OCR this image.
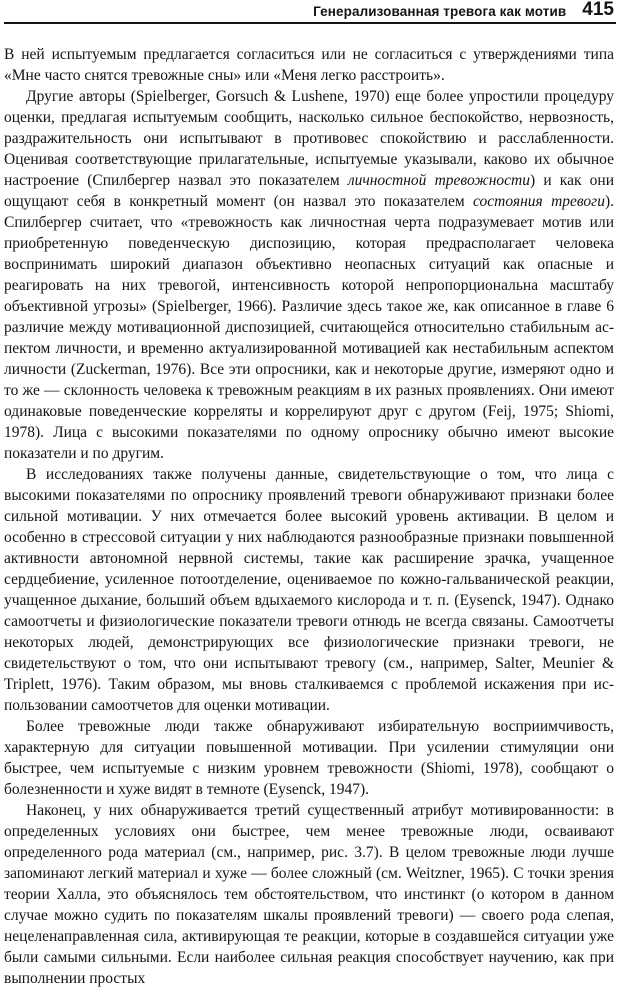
Генерализованная тревога как мотив 415

В ней испытуемым предлагается согласиться или не согласиться с утверждениями типа «Мне часто снятся тревожные сны» или «Меня легко расстроить».

Другие авторы (Spielberger, Gorsuch & Lushene, 1970) еще более упростили процедуру оценки, предлагая испытуемым сообщить, насколько сильное беспокойство, нервозность, раздражительность они испытывают в противовес спокойствию и расслабленности. Оценивая соответствующие прилагательные, испытуемые указывали, каково их обычное настроение (Спилбергер назвал это показателем личностной тревожности) и как они ощущают себя в конкретный момент (он назвал это показателем состояния тревоги). Спилбергер считает, что «тревожность как личностная черта подразумевает мотив или приобретенную поведенческую диспозицию, которая предрасполагает человека воспринимать широкий диапазон объективно неопасных ситуаций как опасные и реагировать на них тревогой, интенсивность которой непропорциональна масштабу объективной угрозы» (Spielberger, 1966). Различие здесь такое же, как описанное в главе 6 различие между мотивационной диспозицией, считающейся относительно стабильным аспектом личности, и временно актуализированной мотивацией как нестабильным аспектом личности (Zuckerman, 1976). Все эти опросники, как и некоторые другие, измеряют одно и то же — склонность человека к тревожным реакциям в их разных проявлениях. Они имеют одинаковые поведенческие корреляты и коррелируют друг с другом (Feij, 1975; Shiomi, 1978). Лица с высокими показателями по одному опроснику обычно имеют высокие показатели и по другим.

В исследованиях также получены данные, свидетельствующие о том, что лица с высокими показателями по опроснику проявлений тревоги обнаруживают признаки более сильной мотивации. У них отмечается более высокий уровень активации. В целом и особенно в стрессовой ситуации у них наблюдаются разнообразные признаки повышенной активности автономной нервной системы, такие как расширение зрачка, учащенное сердцебиение, усиленное потоотделение, оцениваемое по кожно-гальванической реакции, учащенное дыхание, больший объем вдыхаемого кислорода и т. п. (Eysenck, 1947). Однако самоотчеты и физиологические показатели тревоги отнюдь не всегда связаны. Самоотчеты некоторых людей, демонстрирующих все физиологические признаки тревоги, не свидетельствуют о том, что они испытывают тревогу (см., например, Salter, Meunier & Triplett, 1976). Таким образом, мы вновь сталкиваемся с проблемой искажения при использовании самоотчетов для оценки мотивации.

Более тревожные люди также обнаруживают избирательную восприимчивость, характерную для ситуации повышенной мотивации. При усилении стимуляции они быстрее, чем испытуемые с низким уровнем тревожности (Shiomi, 1978), сообщают о болезненности и хуже видят в темноте (Eysenck, 1947).

Наконец, у них обнаруживается третий существенный атрибут мотивированности: в определенных условиях они быстрее, чем менее тревожные люди, осваивают определенного рода материал (см., например, рис. 3.7). В целом тревожные люди лучше запоминают легкий материал и хуже — более сложный (см. Weitzner, 1965). С точки зрения теории Халла, это объяснялось тем обстоятельством, что инстинкт (о котором в данном случае можно судить по показателям шкалы проявлений тревоги) — своего рода слепая, нецеленаправленная сила, активирующая те реакции, которые в создавшейся ситуации уже были самыми сильными. Если наиболее сильная реакция способствует научению, как при выполнении простых
